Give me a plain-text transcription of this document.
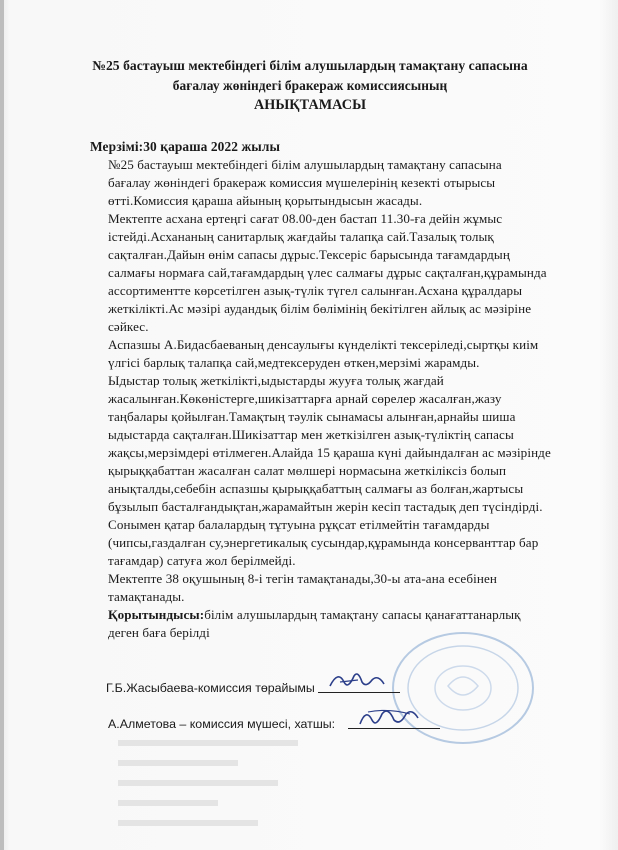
№25 бастауыш мектебіндегі білім алушылардың тамақтану сапасына
бағалау жөніндегі бракераж комиссиясының
АНЫҚТАМАСЫ
Мерзімі:30 қараша 2022 жылы
№25 бастауыш мектебіндегі білім алушылардың тамақтану сапасына
бағалау жөніндегі бракераж комиссия мүшелерінің кезекті отырысы
өтті.Комиссия қараша айының қорытындысын жасады.
Мектепте асхана ертеңгі сағат 08.00-ден бастап 11.30-ға дейін жұмыс
істейді.Асхананың санитарлық жағдайы талапқа сай.Тазалық толық
сақталған.Дайын өнім сапасы дұрыс.Тексеріс барысында тағамдардың
салмағы нормаға сай,тағамдардың үлес салмағы дұрыс сақталған,құрамында
ассортиментте көрсетілген азық-түлік түгел салынған.Асхана құралдары
жеткілікті.Ас мәзірі аудандық білім бөлімінің бекітілген айлық ас мәзіріне
сәйкес.
Аспазшы А.Бидасбаеваның денсаулығы күнделікті тексеріледі,сыртқы киім
үлгісі барлық талапқа сай,медтексеруден өткен,мерзімі жарамды.
Ыдыстар толық жеткілікті,ыдыстарды жууға толық жағдай
жасалынған.Көкөністерге,шикізаттарға арнай сөрелер жасалған,жазу
таңбалары қойылған.Тамақтың тәулік сынамасы алынған,арнайы шиша
ыдыстарда сақталған.Шикізаттар мен жеткізілген азық-түліктің сапасы
жақсы,мерзімдері өтілмеген.Алайда 15 қараша күні дайындалған ас мәзірінде
қырыққабаттан жасалған салат мөлшері нормасына жеткіліксіз болып
анықталды,себебін аспазшы қырыққабаттың салмағы аз болған,жартысы
бұзылып басталғандықтан,жарамайтын жерін кесіп тастадық деп түсіндірді.
Сонымен қатар балалардың тұтуына рұқсат етілмейтін тағамдарды
(чипсы,газдалған су,энергетикалық сусындар,құрамында консерванттар бар
тағамдар) сатуға жол берілмейді.
Мектепте 38 оқушының 8-і тегін тамақтанады,30-ы ата-ана есебінен
тамақтанады.
Қорытындысы:білім алушылардың тамақтану сапасы қанағаттанарлық
деген баға берілді
Г.Б.Жасыбаева-комиссия төрайымы
А.Алметова – комиссия мүшесі, хатшы:
